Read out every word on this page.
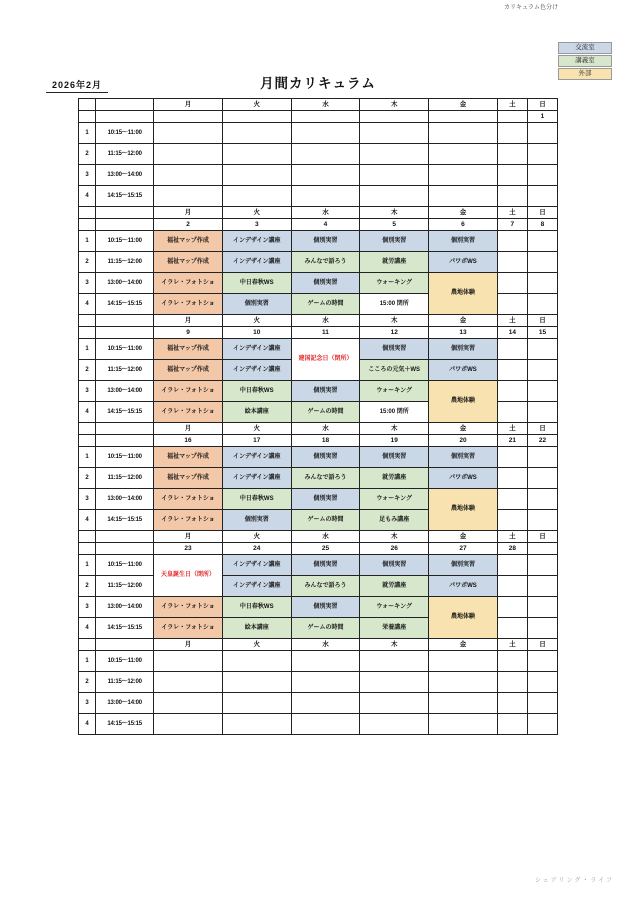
カリキュラム色分け
交流室
講義室
外部
月間カリキュラム
2026年2月
		月	火	水	木	金	土	日
								1
1	10:15～11:00							
2	11:15～12:00							
3	13:00～14:00							
4	14:15～15:15							
		月	火	水	木	金	土	日
		2	3	4	5	6	7	8
1	10:15～11:00	福祉マップ作成	インデザイン講座	個別実習	個別実習	個別実習		
2	11:15～12:00	福祉マップ作成	インデザイン講座	みんなで語ろう	就労講座	パワポWS		
3	13:00～14:00	イラレ・フォトショ	中日春秋WS	個別実習	ウォーキング	農地体験		
4	14:15～15:15	イラレ・フォトショ	個別実習	ゲームの時間	15:00 閉所			
		月	火	水	木	金	土	日
		9	10	11	12	13	14	15
1	10:15～11:00	福祉マップ作成	インデザイン講座	建国記念日（閉所）	個別実習	個別実習		
2	11:15～12:00	福祉マップ作成	インデザイン講座		こころの元気＋WS	パワポWS		
3	13:00～14:00	イラレ・フォトショ	中日春秋WS	個別実習	ウォーキング	農地体験		
4	14:15～15:15	イラレ・フォトショ	絵本講座	ゲームの時間	15:00 閉所			
		月	火	水	木	金	土	日
		16	17	18	19	20	21	22
1	10:15～11:00	福祉マップ作成	インデザイン講座	個別実習	個別実習	個別実習		
2	11:15～12:00	福祉マップ作成	インデザイン講座	みんなで語ろう	就労講座	パワポWS		
3	13:00～14:00	イラレ・フォトショ	中日春秋WS	個別実習	ウォーキング	農地体験		
4	14:15～15:15	イラレ・フォトショ	個別実習	ゲームの時間	足もみ講座			
		月	火	水	木	金	土	日
		23	24	25	26	27	28	
1	10:15～11:00	天皇誕生日（閉所）	インデザイン講座	個別実習	個別実習	個別実習		
2	11:15～12:00		インデザイン講座	みんなで語ろう	就労講座	パワポWS		
3	13:00～14:00	イラレ・フォトショ	中日春秋WS	個別実習	ウォーキング	農地体験		
4	14:15～15:15	イラレ・フォトショ	絵本講座	ゲームの時間	栄養講座			
		月	火	水	木	金	土	日
1	10:15～11:00							
2	11:15～12:00							
3	13:00～14:00							
4	14:15～15:15							
シェアリング・ライフ
